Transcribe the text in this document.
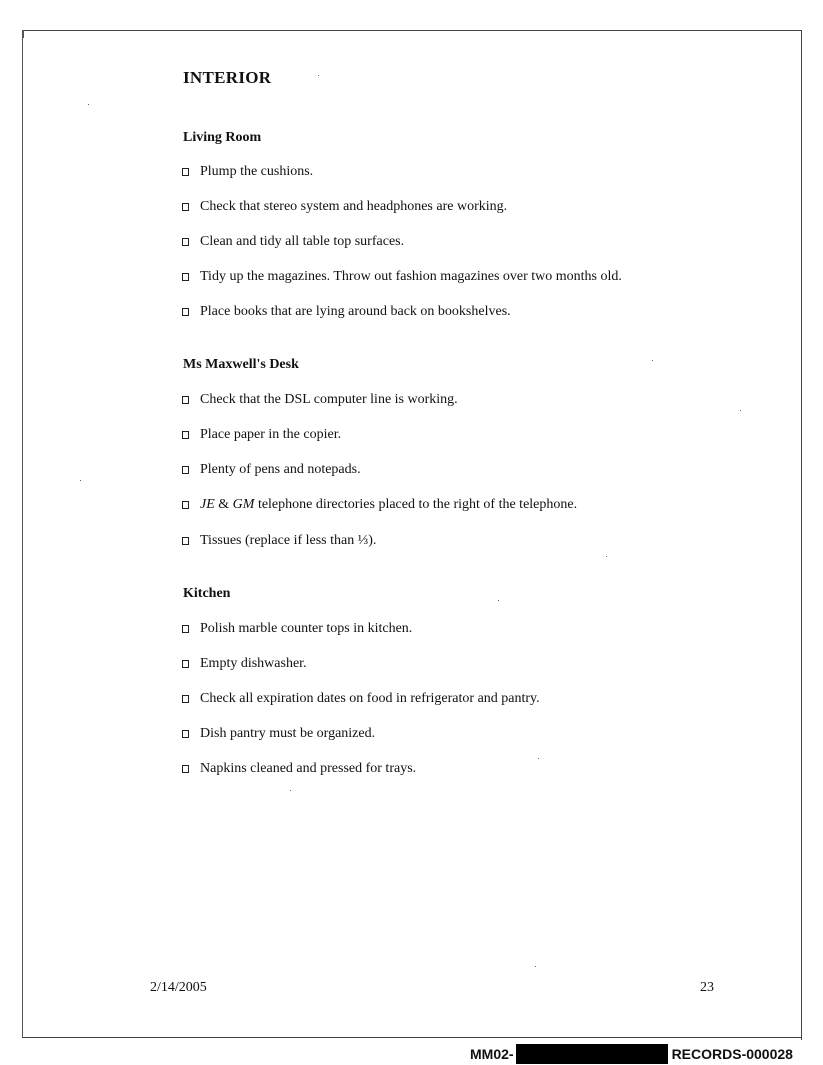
INTERIOR
Living Room
Plump the cushions.
Check that stereo system and headphones are working.
Clean and tidy all table top surfaces.
Tidy up the magazines. Throw out fashion magazines over two months old.
Place books that are lying around back on bookshelves.
Ms Maxwell's Desk
Check that the DSL computer line is working.
Place paper in the copier.
Plenty of pens and notepads.
JE & GM telephone directories placed to the right of the telephone.
Tissues (replace if less than ⅓).
Kitchen
Polish marble counter tops in kitchen.
Empty dishwasher.
Check all expiration dates on food in refrigerator and pantry.
Dish pantry must be organized.
Napkins cleaned and pressed for trays.
2/14/2005	23
MM02-	RECORDS-000028
